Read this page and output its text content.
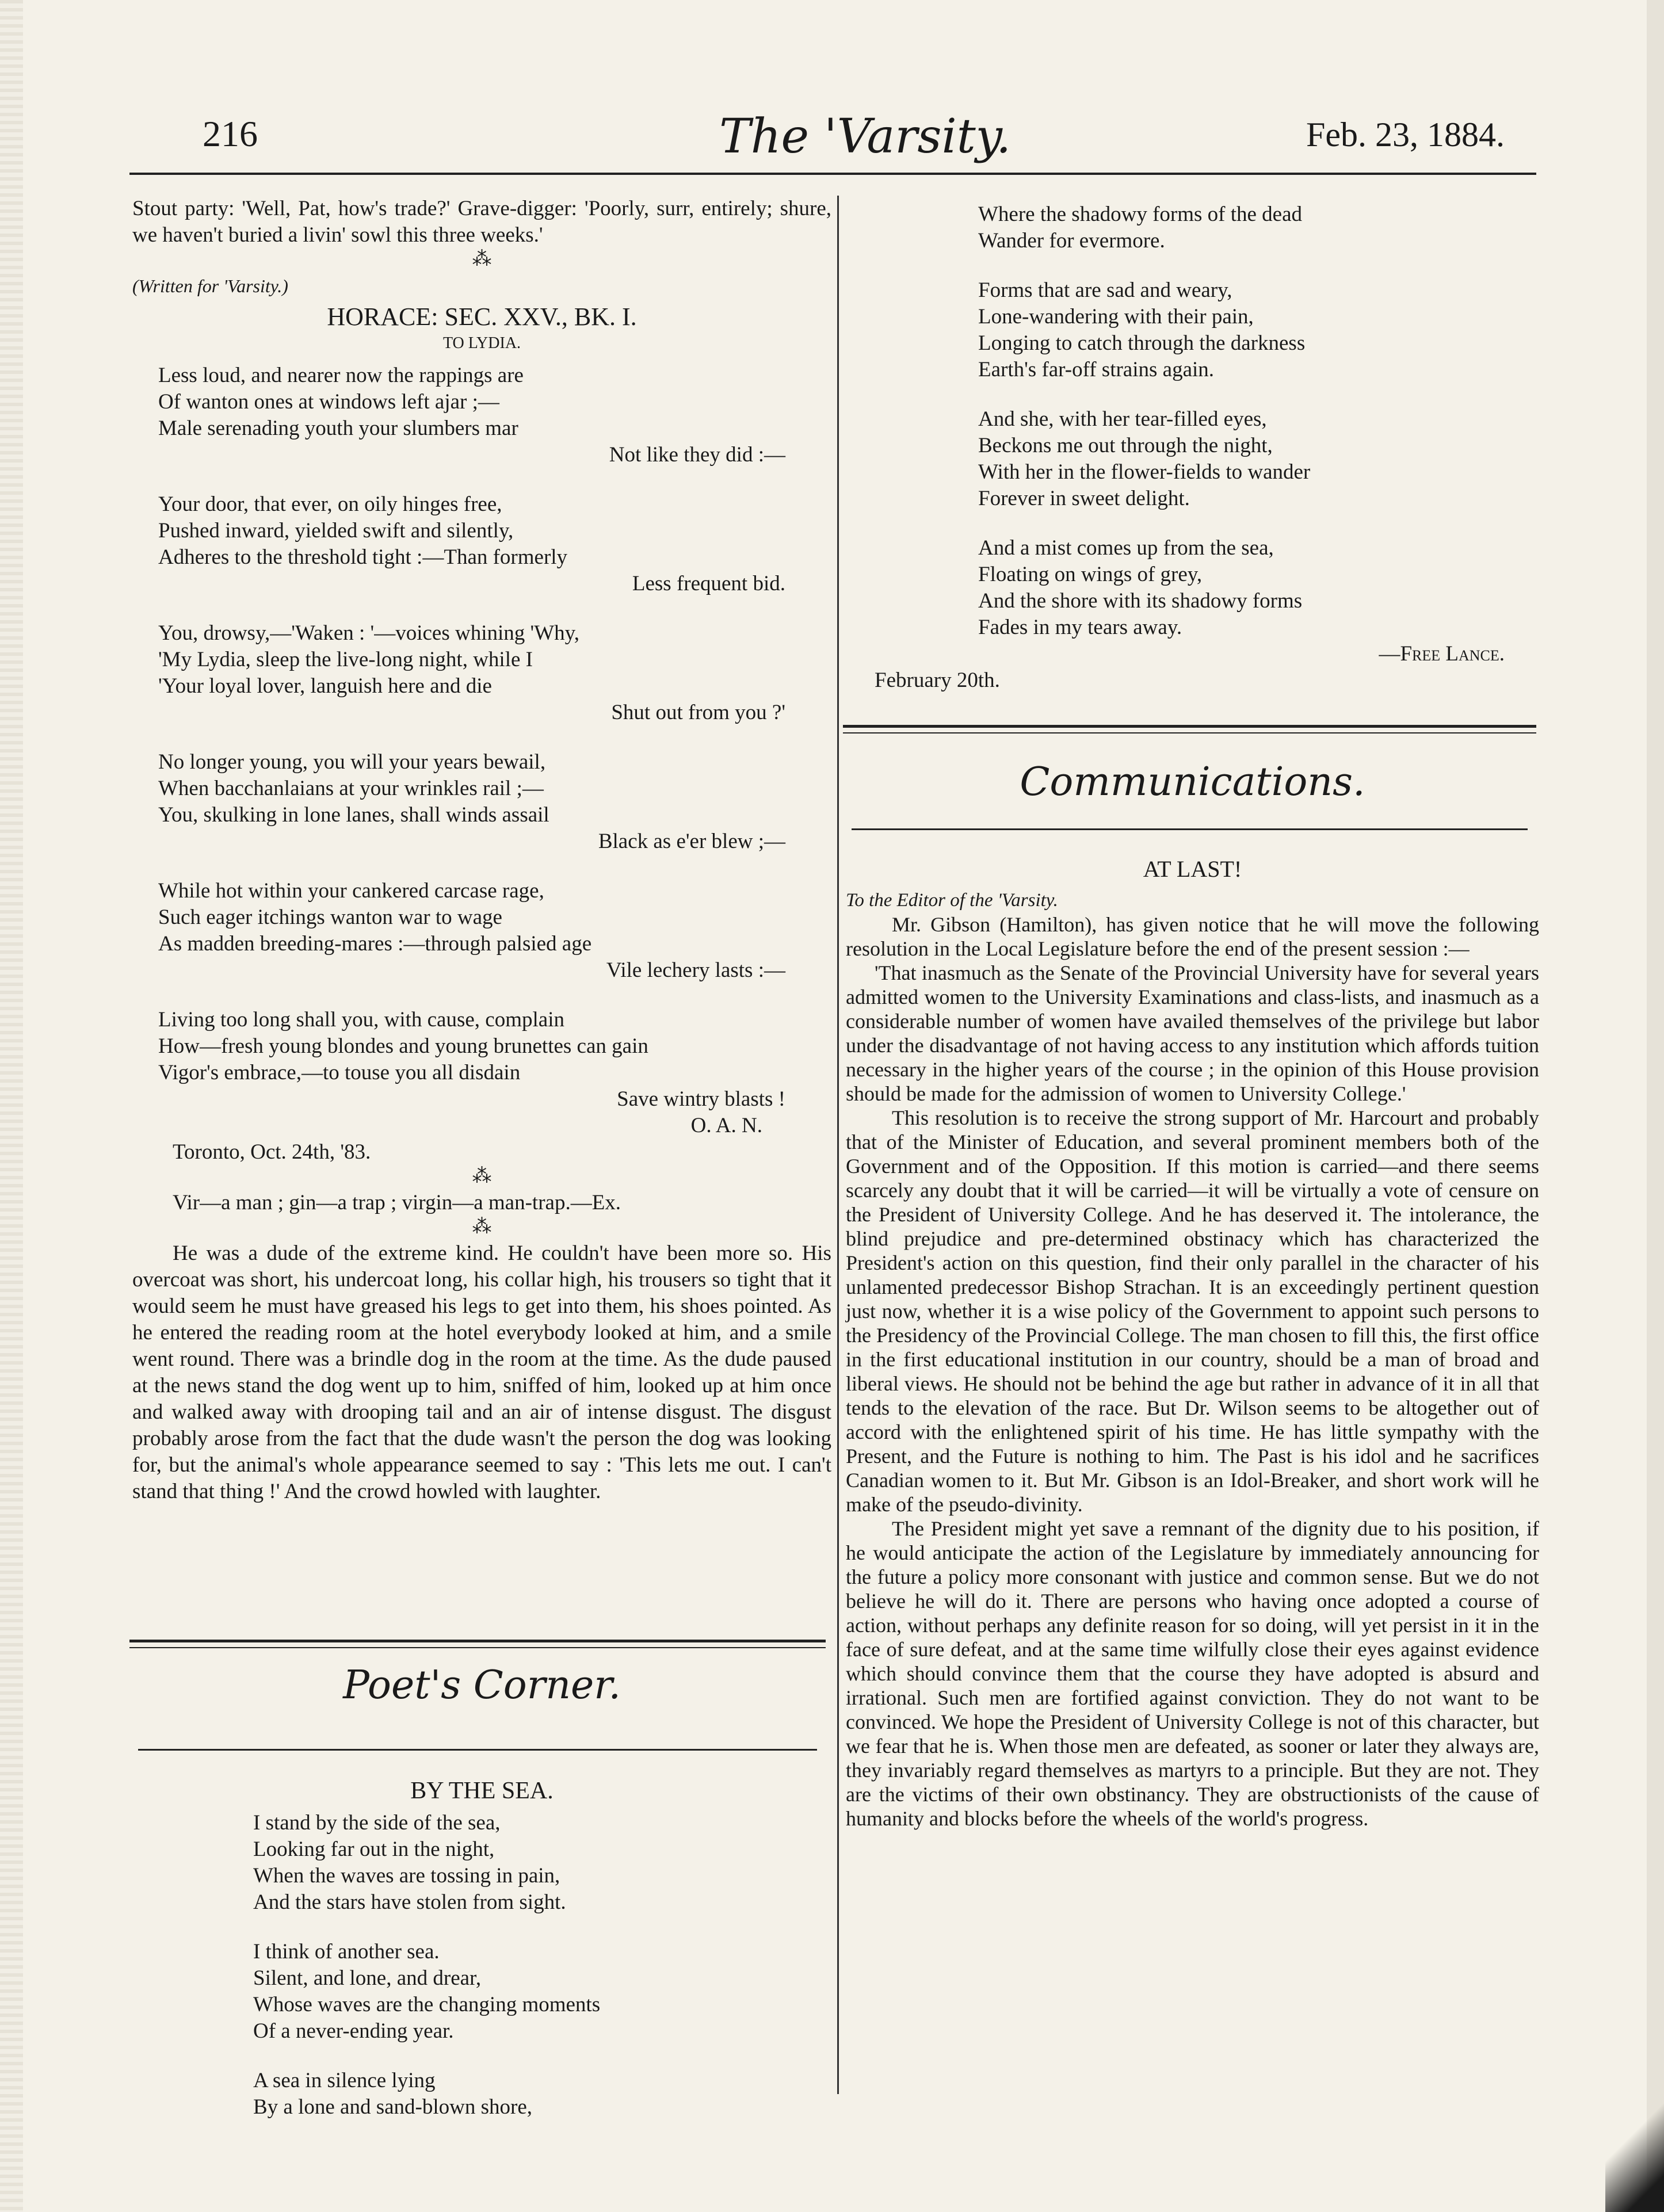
216	The 'Varsity.	Feb. 23, 1884.

Stout party: 'Well, Pat, how's trade?' Grave-digger: 'Poorly, surr, entirely; shure, we haven't buried a livin' sowl this three weeks.'

⁂

(Written for 'Varsity.)

HORACE: SEC. XXV., BK. I.
TO LYDIA.
Less loud, and nearer now the rappings are
Of wanton ones at windows left ajar ;—
Male serenading youth your slumbers mar
Not like they did :—
Your door, that ever, on oily hinges free,
Pushed inward, yielded swift and silently,
Adheres to the threshold tight :—Than formerly
Less frequent bid.
You, drowsy,—'Waken : '—voices whining 'Why,
'My Lydia, sleep the live-long night, while I
'Your loyal lover, languish here and die
Shut out from you ?'
No longer young, you will your years bewail,
When bacchanlaians at your wrinkles rail ;—
You, skulking in lone lanes, shall winds assail
Black as e'er blew ;—
While hot within your cankered carcase rage,
Such eager itchings wanton war to wage
As madden breeding-mares :—through palsied age
Vile lechery lasts :—
Living too long shall you, with cause, complain
How—fresh young blondes and young brunettes can gain
Vigor's embrace,—to touse you all disdain
Save wintry blasts !
O. A. N.

Toronto, Oct. 24th, '83.

⁂

Vir—a man ; gin—a trap ; virgin—a man-trap.—Ex.

⁂

He was a dude of the extreme kind. He couldn't have been more so. His overcoat was short, his undercoat long, his collar high, his trousers so tight that it would seem he must have greased his legs to get into them, his shoes pointed. As he entered the reading room at the hotel everybody looked at him, and a smile went round. There was a brindle dog in the room at the time. As the dude paused at the news stand the dog went up to him, sniffed of him, looked up at him once and walked away with drooping tail and an air of intense disgust. The disgust probably arose from the fact that the dude wasn't the person the dog was looking for, but the animal's whole appearance seemed to say : 'This lets me out. I can't stand that thing !' And the crowd howled with laughter.

Poet's Corner.
BY THE SEA.
I stand by the side of the sea,
Looking far out in the night,
When the waves are tossing in pain,
And the stars have stolen from sight.
I think of another sea.
Silent, and lone, and drear,
Whose waves are the changing moments
Of a never-ending year.
A sea in silence lying
By a lone and sand-blown shore,
Where the shadowy forms of the dead
Wander for evermore.
Forms that are sad and weary,
Lone-wandering with their pain,
Longing to catch through the darkness
Earth's far-off strains again.
And she, with her tear-filled eyes,
Beckons me out through the night,
With her in the flower-fields to wander
Forever in sweet delight.
And a mist comes up from the sea,
Floating on wings of grey,
And the shore with its shadowy forms
Fades in my tears away.
—Free Lance.

February 20th.

Communications.
AT LAST!

To the Editor of the 'Varsity.

Mr. Gibson (Hamilton), has given notice that he will move the following resolution in the Local Legislature before the end of the present session :—

'That inasmuch as the Senate of the Provincial University have for several years admitted women to the University Examinations and class-lists, and inasmuch as a considerable number of women have availed themselves of the privilege but labor under the disadvantage of not having access to any institution which affords tuition necessary in the higher years of the course ; in the opinion of this House provision should be made for the admission of women to University College.'

This resolution is to receive the strong support of Mr. Harcourt and probably that of the Minister of Education, and several prominent members both of the Government and of the Opposition. If this motion is carried—and there seems scarcely any doubt that it will be carried—it will be virtually a vote of censure on the President of University College. And he has deserved it. The intolerance, the blind prejudice and pre-determined obstinacy which has characterized the President's action on this question, find their only parallel in the character of his unlamented predecessor Bishop Strachan. It is an exceedingly pertinent question just now, whether it is a wise policy of the Government to appoint such persons to the Presidency of the Provincial College. The man chosen to fill this, the first office in the first educational institution in our country, should be a man of broad and liberal views. He should not be behind the age but rather in advance of it in all that tends to the elevation of the race. But Dr. Wilson seems to be altogether out of accord with the enlightened spirit of his time. He has little sympathy with the Present, and the Future is nothing to him. The Past is his idol and he sacrifices Canadian women to it. But Mr. Gibson is an Idol-Breaker, and short work will he make of the pseudo-divinity.

The President might yet save a remnant of the dignity due to his position, if he would anticipate the action of the Legislature by immediately announcing for the future a policy more consonant with justice and common sense. But we do not believe he will do it. There are persons who having once adopted a course of action, without perhaps any definite reason for so doing, will yet persist in it in the face of sure defeat, and at the same time wilfully close their eyes against evidence which should convince them that the course they have adopted is absurd and irrational. Such men are fortified against conviction. They do not want to be convinced. We hope the President of University College is not of this character, but we fear that he is. When those men are defeated, as sooner or later they always are, they invariably regard themselves as martyrs to a principle. But they are not. They are the victims of their own obstinancy. They are obstructionists of the cause of humanity and blocks before the wheels of the world's progress.
